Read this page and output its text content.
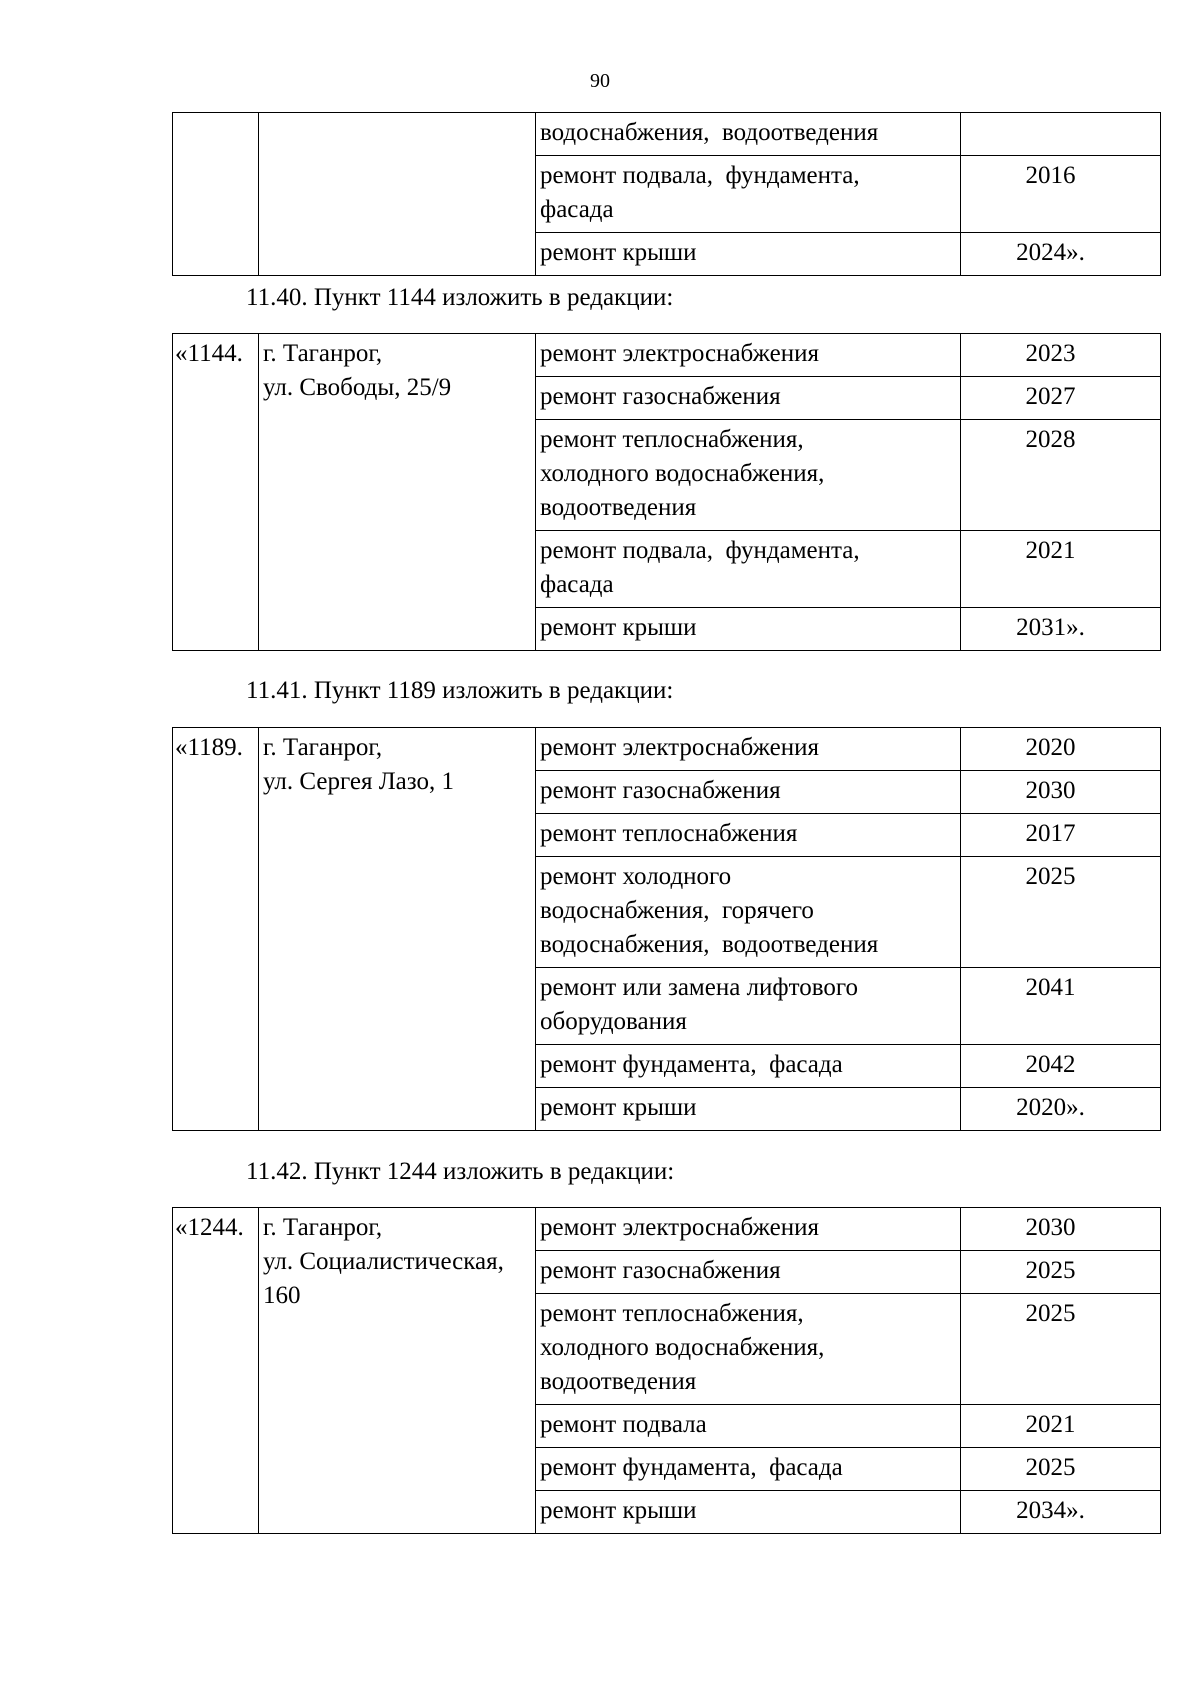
90
		водоснабжения,  водоотведения	
		ремонт подвала,  фундамента,
фасада	2016
		ремонт крыши	2024».
11.40. Пункт 1144 изложить в редакции:
«1144.	г. Таганрог,
ул. Свободы, 25/9	ремонт электроснабжения	2023
		ремонт газоснабжения	2027
		ремонт теплоснабжения,
холодного водоснабжения,
водоотведения	2028
		ремонт подвала,  фундамента,
фасада	2021
		ремонт крыши	2031».
11.41. Пункт 1189 изложить в редакции:
«1189.	г. Таганрог,
ул. Сергея Лазо, 1	ремонт электроснабжения	2020
		ремонт газоснабжения	2030
		ремонт теплоснабжения	2017
		ремонт холодного
водоснабжения,  горячего
водоснабжения,  водоотведения	2025
		ремонт или замена лифтового
оборудования	2041
		ремонт фундамента,  фасада	2042
		ремонт крыши	2020».
11.42. Пункт 1244 изложить в редакции:
«1244.	г. Таганрог,
ул. Социалистическая,
160	ремонт электроснабжения	2030
		ремонт газоснабжения	2025
		ремонт теплоснабжения,
холодного водоснабжения,
водоотведения	2025
		ремонт подвала	2021
		ремонт фундамента,  фасада	2025
		ремонт крыши	2034».
